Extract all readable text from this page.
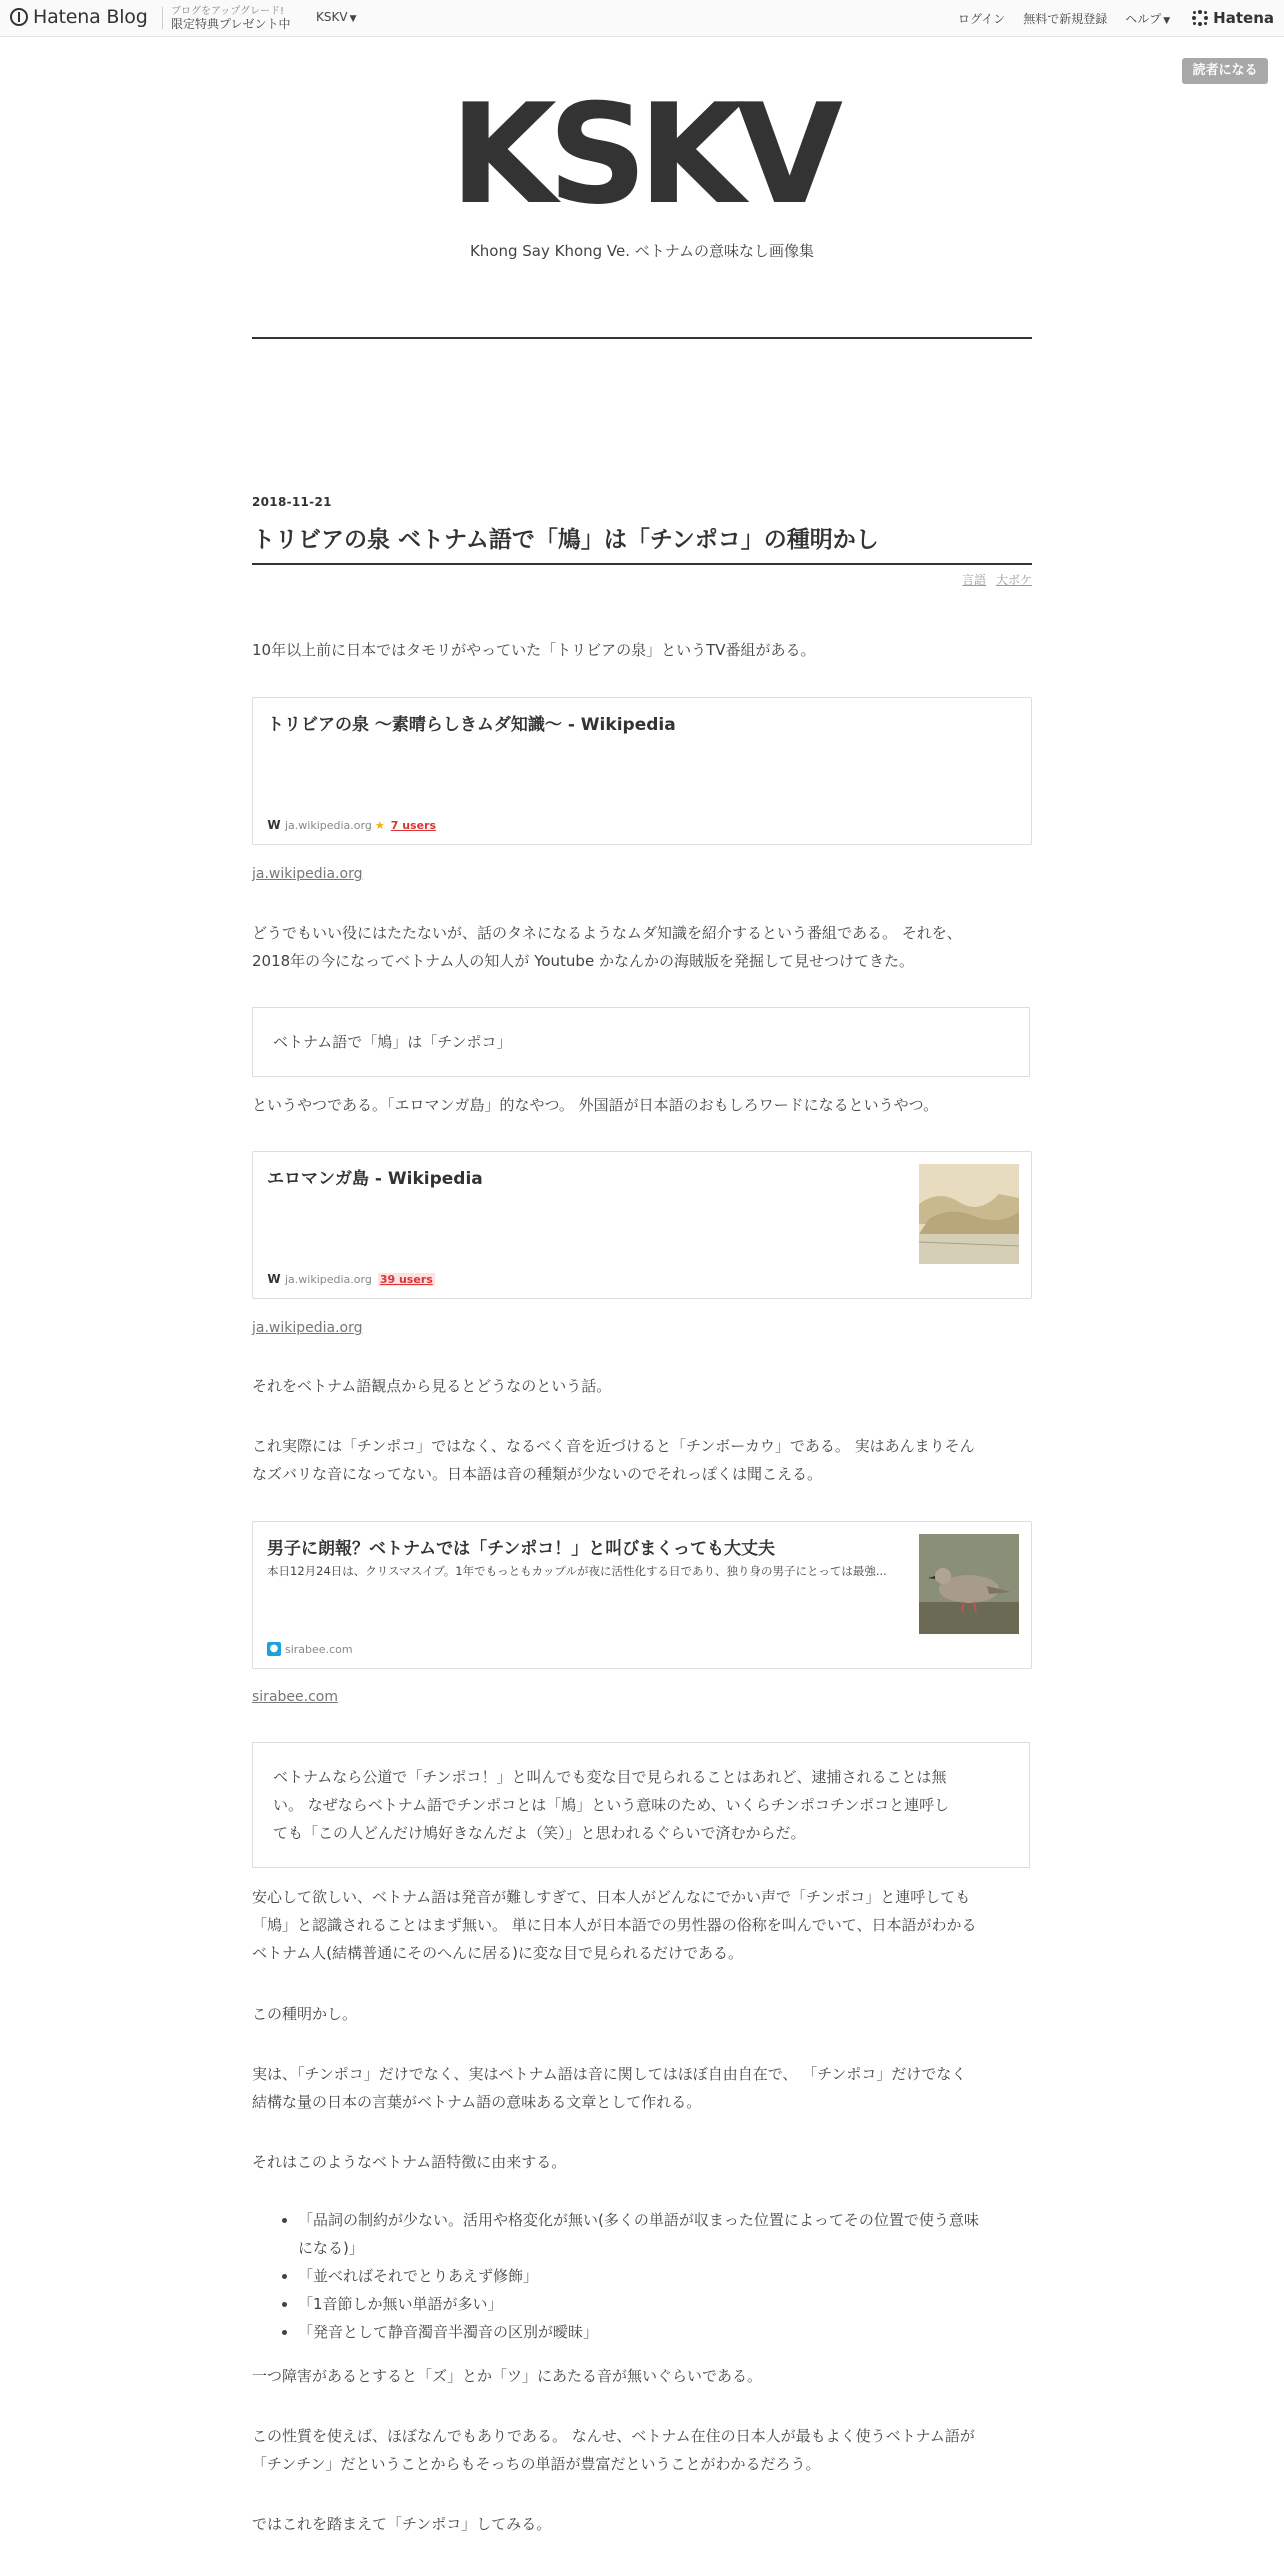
Hatena Blog ブログをアップグレード!
限定特典プレゼント中 KSKV ▼	ログイン 無料で新規登録 ヘルプ ▼	Hatena
読者になる
KSKV
Khong Say Khong Ve. ベトナムの意味なし画像集
2018-11-21
トリビアの泉 ベトナム語で「鳩」は「チンポコ」の種明かし
言語 大ボケ
10年以上前に日本ではタモリがやっていた「トリビアの泉」というTV番組がある。
トリビアの泉 〜素晴らしきムダ知識〜 - Wikipedia
W ja.wikipedia.org ★ 7 users
ja.wikipedia.org
どうでもいい役にはたたないが、話のタネになるようなムダ知識を紹介するという番組である。 それを、
2018年の今になってベトナム人の知人が Youtube かなんかの海賊版を発掘して見せつけてきた。

ベトナム語で「鳩」は「チンポコ」

というやつである。「エロマンガ島」的なやつ。 外国語が日本語のおもしろワードになるというやつ。
エロマンガ島 - Wikipedia
W ja.wikipedia.org 39 users
ja.wikipedia.org
それをベトナム語観点から見るとどうなのという話。
これ実際には「チンポコ」ではなく、なるべく音を近づけると「チンボーカウ」である。 実はあんまりそん
なズバリな音になってない。日本語は音の種類が少ないのでそれっぽくは聞こえる。
男子に朗報？ベトナムでは「チンポコ！」と叫びまくっても大丈夫
本日12月24日は、クリスマスイブ。1年でもっともカップルが夜に活性化する日であり、独り身の男子にとっては最強...
● sirabee.com
sirabee.com

ベトナムなら公道で「チンポコ！」と叫んでも変な目で見られることはあれど、逮捕されることは無

い。 なぜならベトナム語でチンポコとは「鳩」という意味のため、いくらチンポコチンポコと連呼し

ても「この人どんだけ鳩好きなんだよ（笑）」と思われるぐらいで済むからだ。

安心して欲しい、ベトナム語は発音が難しすぎて、日本人がどんなにでかい声で「チンポコ」と連呼しても
「鳩」と認識されることはまず無い。 単に日本人が日本語での男性器の俗称を叫んでいて、日本語がわかる
ベトナム人(結構普通にそのへんに居る)に変な目で見られるだけである。
この種明かし。
実は、「チンポコ」だけでなく、実はベトナム語は音に関してはほぼ自由自在で、 「チンポコ」だけでなく
結構な量の日本の言葉がベトナム語の意味ある文章として作れる。
それはこのようなベトナム語特徴に由来する。
• 「品詞の制約が少ない。活用や格変化が無い(多くの単語が収まった位置によってその位置で使う意味
になる)」
• 「並べればそれでとりあえず修飾」
• 「1音節しか無い単語が多い」
• 「発音として静音濁音半濁音の区別が曖昧」
一つ障害があるとすると「ズ」とか「ツ」にあたる音が無いぐらいである。
この性質を使えば、ほぼなんでもありである。 なんせ、ベトナム在住の日本人が最もよく使うベトナム語が
「チンチン」だということからもそっちの単語が豊富だということがわかるだろう。
ではこれを踏まえて「チンポコ」してみる。
